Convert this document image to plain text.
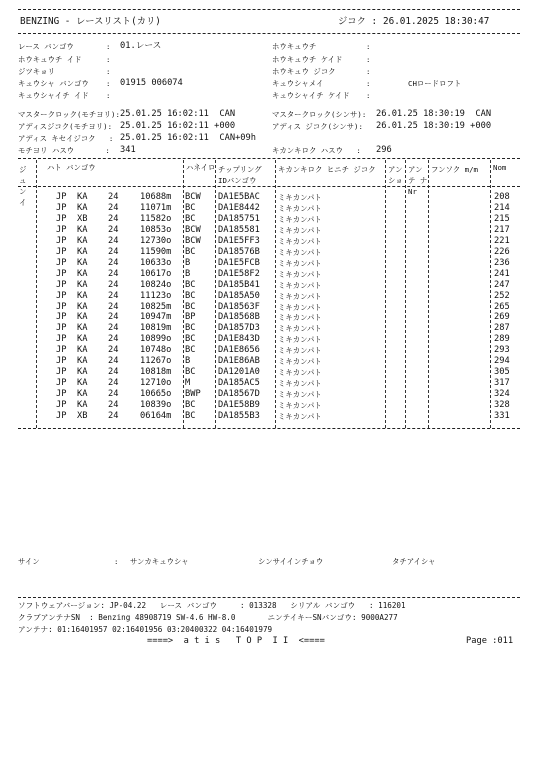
BENZING - レースリスト(カリ)	ジコク : 26.01.2025 18:30:47
レース バンゴウ	: 01.レース
ホウキュウチ イド	:
ジツキョリ	:
キュウシャ バンゴウ : 01915 006074
キュウシャイチ イド :
ホウキュウチ	:
ホウキュウチ ケイド	:
ホウキュウ ジコク	:
キュウシャメイ	:	CHロードロフト
キュウシャイチ ケイド :
マスタークロック(モチヨリ): 25.01.25 16:02:11  CAN
アディスジコク(モチヨリ): 25.01.25 16:02:11 +000
アディス キセイジコク   : 25.01.25 16:02:11  CAN+09h
モチヨリ ハスウ       : 341
マスタークロック(シンサ): 26.01.25 18:30:19  CAN
アディス ジコク(シンサ): 26.01.25 18:30:19 +000
キカンキロク ハスウ   : 296
ジュン イ
ハト バンゴウ	ハネイロ チップリング IDバンゴウ
キカンキロク ヒニチ ジコク	アン ショ
アンテ ナNr
フンソク m/m	Nom
JP KA 24 10688m BCW DA1E5BAC ミキカンパト	208
JP KA 24 11071m BC	DA1E8442 ミキカンパト	214
JP XB 24 11582o BC	DA185751 ミキカンパト	215
JP KA 24 10853o BCW DA185581 ミキカンパト	217
JP KA 24 12730o BCW DA1E5FF3 ミキカンパト	221
JP KA 24 11590m BC	DA18576B ミキカンパト	226
JP KA 24 10633o B	DA1E5FCB ミキカンパト	236
JP KA 24 10617o B	DA1E58F2 ミキカンパト	241
JP KA 24 10824o BC	DA185B41 ミキカンパト	247
JP KA 24 11123o BC	DA185A50 ミキカンパト	252
JP KA 24 10825m BC	DA18563F ミキカンパト	265
JP KA 24 10947m BP	DA18568B ミキカンパト	269
JP KA 24 10819m BC	DA1857D3 ミキカンパト	287
JP KA 24 10899o BC	DA1E843D ミキカンパト	289
JP KA 24 10748o BC	DA1E8656 ミキカンパト	293
JP KA 24 11267o B	DA1E86AB ミキカンパト	294
JP KA 24 10818m BC	DA1201A0 ミキカンパト	305
JP KA 24 12710o M	DA185AC5 ミキカンパト	317
JP KA 24 10665o BWP DA18567D ミキカンパト	324
JP KA 24 10839o BC	DA1E58B9 ミキカンパト	328
JP XB 24 06164m BC	DA1855B3 ミキカンパト	331
サイン	: サンカキュウシャ	シンサイインチョウ	タチアイシャ
ソフトウェアバージョン: JP-04.22   レース バンゴウ     : 013328   シリアル バンゴウ   : 116201
クラブアンテナSN  : Benzing 48908719 SW-4.6 HW-8.0       ニンテイキーSNバンゴウ: 9000A277
アンテナ: 01:16401957 02:16401956 03:20400322 04:16401979
====>  a t i s   T O P  I I  <====	Page :011
